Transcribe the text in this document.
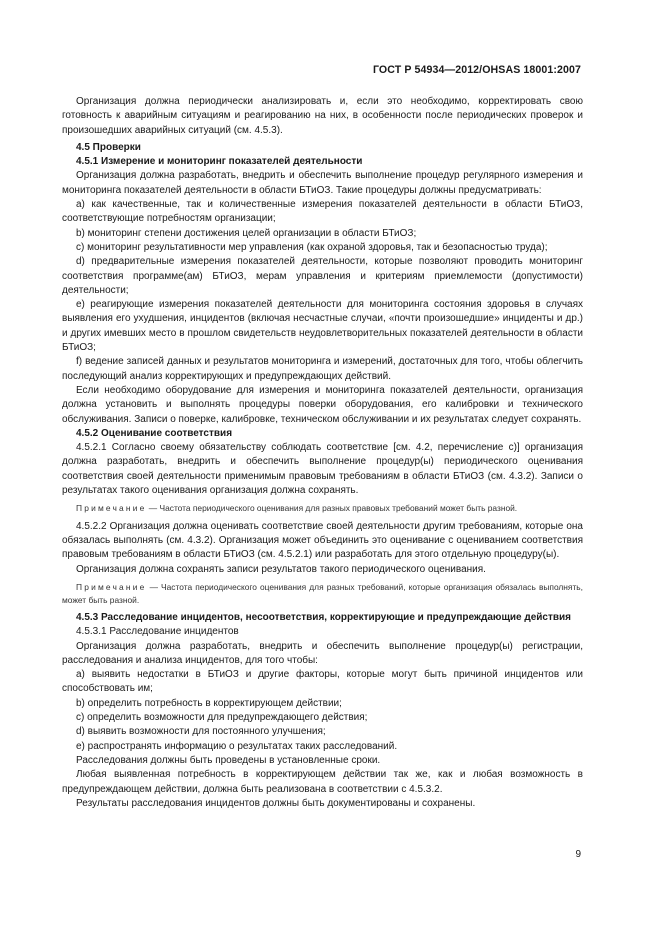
ГОСТ Р 54934—2012/OHSAS 18001:2007

Организация должна периодически анализировать и, если это необходимо, корректировать свою готовность к аварийным ситуациям и реагированию на них, в особенности после периодических проверок и произошедших аварийных ситуаций (см. 4.5.3).

4.5 Проверки

4.5.1 Измерение и мониторинг показателей деятельности

Организация должна разработать, внедрить и обеспечить выполнение процедур регулярного измерения и мониторинга показателей деятельности в области БТиОЗ. Такие процедуры должны предусматривать:

a) как качественные, так и количественные измерения показателей деятельности в области БТиОЗ, соответствующие потребностям организации;

b) мониторинг степени достижения целей организации в области БТиОЗ;

c) мониторинг результативности мер управления (как охраной здоровья, так и безопасностью труда);

d) предварительные измерения показателей деятельности, которые позволяют проводить мониторинг соответствия программе(ам) БТиОЗ, мерам управления и критериям приемлемости (допустимости) деятельности;

e) реагирующие измерения показателей деятельности для мониторинга состояния здоровья в случаях выявления его ухудшения, инцидентов (включая несчастные случаи, «почти произошедшие» инциденты и др.) и других имевших место в прошлом свидетельств неудовлетворительных показателей деятельности в области БТиОЗ;

f) ведение записей данных и результатов мониторинга и измерений, достаточных для того, чтобы облегчить последующий анализ корректирующих и предупреждающих действий.

Если необходимо оборудование для измерения и мониторинга показателей деятельности, организация должна установить и выполнять процедуры поверки оборудования, его калибровки и технического обслуживания. Записи о поверке, калибровке, техническом обслуживании и их результатах следует сохранять.

4.5.2 Оценивание соответствия

4.5.2.1 Согласно своему обязательству соблюдать соответствие [см. 4.2, перечисление с)] организация должна разработать, внедрить и обеспечить выполнение процедур(ы) периодического оценивания соответствия своей деятельности применимым правовым требованиям в области БТиОЗ (см. 4.3.2). Записи о результатах такого оценивания организация должна сохранять.

Примечание — Частота периодического оценивания для разных правовых требований может быть разной.

4.5.2.2 Организация должна оценивать соответствие своей деятельности другим требованиям, которые она обязалась выполнять (см. 4.3.2). Организация может объединить это оценивание с оцениванием соответствия правовым требованиям в области БТиОЗ (см. 4.5.2.1) или разработать для этого отдельную процедуру(ы).

Организация должна сохранять записи результатов такого периодического оценивания.

Примечание — Частота периодического оценивания для разных требований, которые организация обязалась выполнять, может быть разной.

4.5.3 Расследование инцидентов, несоответствия, корректирующие и предупреждающие действия

4.5.3.1 Расследование инцидентов

Организация должна разработать, внедрить и обеспечить выполнение процедур(ы) регистрации, расследования и анализа инцидентов, для того чтобы:

a) выявить недостатки в БТиОЗ и другие факторы, которые могут быть причиной инцидентов или способствовать им;

b) определить потребность в корректирующем действии;

c) определить возможности для предупреждающего действия;

d) выявить возможности для постоянного улучшения;

e) распространять информацию о результатах таких расследований.

Расследования должны быть проведены в установленные сроки.

Любая выявленная потребность в корректирующем действии так же, как и любая возможность в предупреждающем действии, должна быть реализована в соответствии с 4.5.3.2.

Результаты расследования инцидентов должны быть документированы и сохранены.

9
